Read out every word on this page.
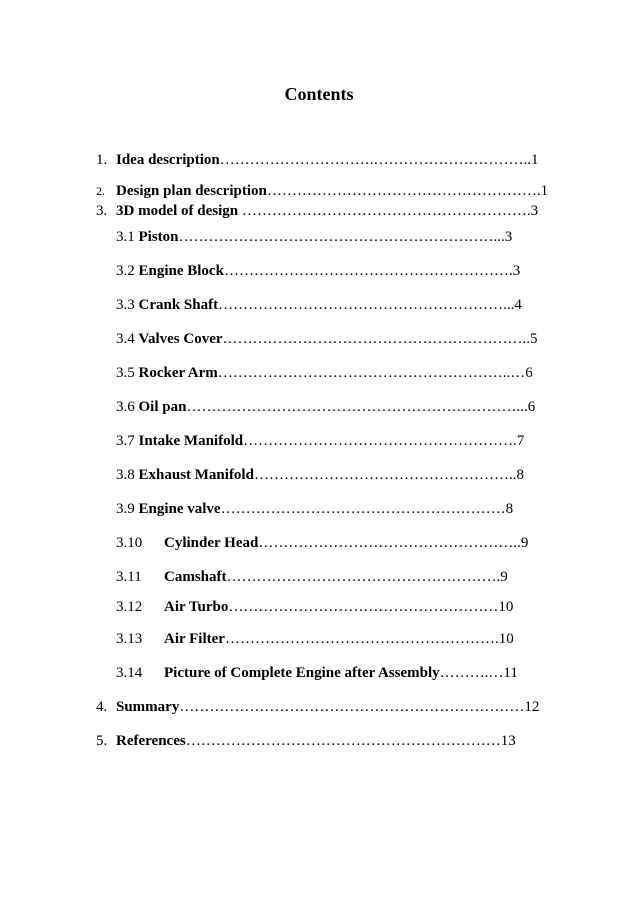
Contents
1. Idea description………………………….…………………………..1
2. Design plan description……………………………………………….1
3. 3D model of design ………………………………………………….3
3.1 Piston………………………………………………………...3
3.2 Engine Block………………………………………………….3
3.3 Crank Shaft…………………………………………………...4
3.4 Valves Cover……………………………………………………..5
3.5 Rocker Arm…………………………………………………..…6
3.6 Oil pan…………………………………………………………...6
3.7 Intake Manifold……………………………………………….7
3.8 Exhaust Manifold……………………………………………..8
3.9 Engine valve…………………………………………………8
3.10 Cylinder Head……………………………………………..9
3.11 Camshaft……………………………………………….9
3.12 Air Turbo………………………………………………10
3.13 Air Filter……………………………………………….10
3.14 Picture of Complete Engine after Assembly……….…11
4. Summary……………………………………………………………12
5. References………………………………………………………13
